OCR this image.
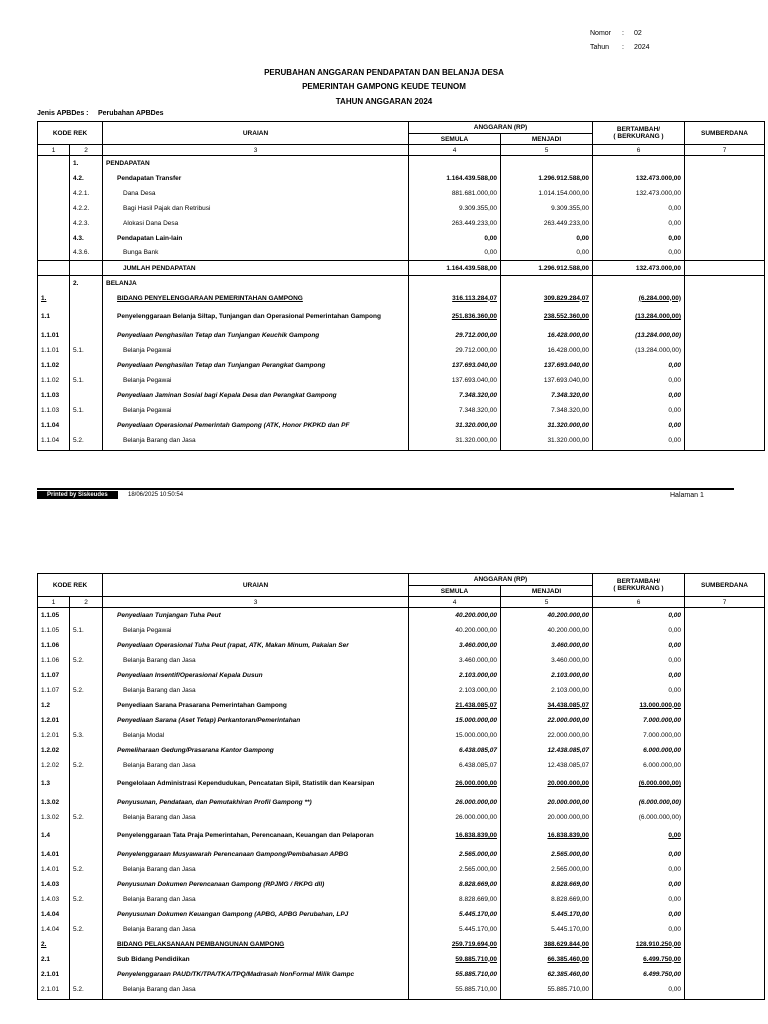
Nomor : 02
Tahun : 2024
PERUBAHAN ANGGARAN PENDAPATAN DAN BELANJA DESA
PEMERINTAH GAMPONG KEUDE TEUNOM
TAHUN ANGGARAN 2024
Jenis APBDes : Perubahan APBDes
KODE REK		URAIAN	ANGGARAN (RP)		BERTAMBAH/
( BERKURANG )	SUMBERDANA
			SEMULA	MENJADI		
1	2	3	4	5	6	7
	1.	PENDAPATAN				
	4.2.	Pendapatan Transfer	1.164.439.588,00	1.296.912.588,00	132.473.000,00	
	4.2.1.	Dana Desa	881.681.000,00	1.014.154.000,00	132.473.000,00	
	4.2.2.	Bagi Hasil Pajak dan Retribusi	9.309.355,00	9.309.355,00	0,00	
	4.2.3.	Alokasi Dana Desa	263.449.233,00	263.449.233,00	0,00	
	4.3.	Pendapatan Lain-lain	0,00	0,00	0,00	
	4.3.6.	Bunga Bank	0,00	0,00	0,00	
		JUMLAH PENDAPATAN	1.164.439.588,00	1.296.912.588,00	132.473.000,00	
	2.	BELANJA				
1.		BIDANG PENYELENGGARAAN PEMERINTAHAN GAMPONG	316.113.284,07	309.829.284,07	(6.284.000,00)	
1.1		Penyelenggaraan Belanja Siltap, Tunjangan dan Operasional Pemerintahan Gampong	251.836.360,00	238.552.360,00	(13.284.000,00)	
1.1.01		Penyediaan Penghasilan Tetap dan Tunjangan Keuchik Gampong	29.712.000,00	16.428.000,00	(13.284.000,00)	
1.1.01	5.1.	Belanja Pegawai	29.712.000,00	16.428.000,00	(13.284.000,00)	
1.1.02		Penyediaan Penghasilan Tetap dan Tunjangan Perangkat Gampong	137.693.040,00	137.693.040,00	0,00	
1.1.02	5.1.	Belanja Pegawai	137.693.040,00	137.693.040,00	0,00	
1.1.03		Penyediaan Jaminan Sosial bagi Kepala Desa dan Perangkat Gampong	7.348.320,00	7.348.320,00	0,00	
1.1.03	5.1.	Belanja Pegawai	7.348.320,00	7.348.320,00	0,00	
1.1.04		Penyediaan Operasional Pemerintah Gampong (ATK, Honor PKPKD dan PF	31.320.000,00	31.320.000,00	0,00	
1.1.04	5.2.	Belanja Barang dan Jasa	31.320.000,00	31.320.000,00	0,00	

Printed by Siskeudes	18/06/2025 10:50:54	Halaman 1
KODE REK		URAIAN	ANGGARAN (RP)		BERTAMBAH/
( BERKURANG )	SUMBERDANA
			SEMULA	MENJADI		
1	2	3	4	5	6	7
1.1.05		Penyediaan Tunjangan Tuha Peut	40.200.000,00	40.200.000,00	0,00	
1.1.05	5.1.	Belanja Pegawai	40.200.000,00	40.200.000,00	0,00	
1.1.06		Penyediaan Operasional Tuha Peut (rapat, ATK, Makan Minum, Pakaian Ser	3.460.000,00	3.460.000,00	0,00	
1.1.06	5.2.	Belanja Barang dan Jasa	3.460.000,00	3.460.000,00	0,00	
1.1.07		Penyediaan Insentif/Operasional Kepala Dusun	2.103.000,00	2.103.000,00	0,00	
1.1.07	5.2.	Belanja Barang dan Jasa	2.103.000,00	2.103.000,00	0,00	
1.2		Penyediaan Sarana Prasarana Pemerintahan Gampong	21.438.085,07	34.438.085,07	13.000.000,00	
1.2.01		Penyediaan Sarana (Aset Tetap) Perkantoran/Pemerintahan	15.000.000,00	22.000.000,00	7.000.000,00	
1.2.01	5.3.	Belanja Modal	15.000.000,00	22.000.000,00	7.000.000,00	
1.2.02		Pemeliharaan Gedung/Prasarana Kantor Gampong	6.438.085,07	12.438.085,07	6.000.000,00	
1.2.02	5.2.	Belanja Barang dan Jasa	6.438.085,07	12.438.085,07	6.000.000,00	
1.3		Pengelolaan Administrasi Kependudukan, Pencatatan Sipil, Statistik dan Kearsipan	26.000.000,00	20.000.000,00	(6.000.000,00)	
1.3.02		Penyusunan, Pendataan, dan Pemutakhiran Profil Gampong **)	26.000.000,00	20.000.000,00	(6.000.000,00)	
1.3.02	5.2.	Belanja Barang dan Jasa	26.000.000,00	20.000.000,00	(6.000.000,00)	
1.4		Penyelenggaraan Tata Praja Pemerintahan, Perencanaan, Keuangan dan Pelaporan	16.838.839,00	16.838.839,00	0,00	
1.4.01		Penyelenggaraan Musyawarah Perencanaan Gampong/Pembahasan APBG	2.565.000,00	2.565.000,00	0,00	
1.4.01	5.2.	Belanja Barang dan Jasa	2.565.000,00	2.565.000,00	0,00	
1.4.03		Penyusunan Dokumen Perencanaan Gampong (RPJMG / RKPG dll)	8.828.669,00	8.828.669,00	0,00	
1.4.03	5.2.	Belanja Barang dan Jasa	8.828.669,00	8.828.669,00	0,00	
1.4.04		Penyusunan Dokumen Keuangan Gampong (APBG, APBG Perubahan, LPJ	5.445.170,00	5.445.170,00	0,00	
1.4.04	5.2.	Belanja Barang dan Jasa	5.445.170,00	5.445.170,00	0,00	
2.		BIDANG PELAKSANAAN PEMBANGUNAN GAMPONG	259.719.694,00	388.629.844,00	128.910.250,00	
2.1		Sub Bidang Pendidikan	59.885.710,00	66.385.460,00	6.499.750,00	
2.1.01		Penyelenggaraan PAUD/TK/TPA/TKA/TPQ/Madrasah NonFormal Milik Gampc	55.885.710,00	62.385.460,00	6.499.750,00	
2.1.01	5.2.	Belanja Barang dan Jasa	55.885.710,00	55.885.710,00	0,00	
